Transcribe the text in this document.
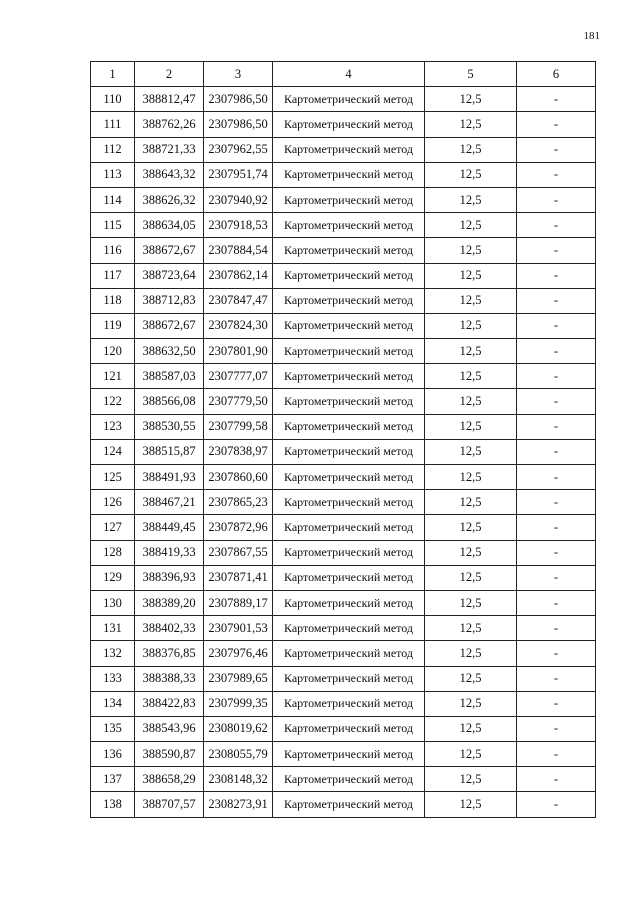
181
1	2	3	4	5	6
110	388812,47	2307986,50	Картометрический метод	12,5	-
111	388762,26	2307986,50	Картометрический метод	12,5	-
112	388721,33	2307962,55	Картометрический метод	12,5	-
113	388643,32	2307951,74	Картометрический метод	12,5	-
114	388626,32	2307940,92	Картометрический метод	12,5	-
115	388634,05	2307918,53	Картометрический метод	12,5	-
116	388672,67	2307884,54	Картометрический метод	12,5	-
117	388723,64	2307862,14	Картометрический метод	12,5	-
118	388712,83	2307847,47	Картометрический метод	12,5	-
119	388672,67	2307824,30	Картометрический метод	12,5	-
120	388632,50	2307801,90	Картометрический метод	12,5	-
121	388587,03	2307777,07	Картометрический метод	12,5	-
122	388566,08	2307779,50	Картометрический метод	12,5	-
123	388530,55	2307799,58	Картометрический метод	12,5	-
124	388515,87	2307838,97	Картометрический метод	12,5	-
125	388491,93	2307860,60	Картометрический метод	12,5	-
126	388467,21	2307865,23	Картометрический метод	12,5	-
127	388449,45	2307872,96	Картометрический метод	12,5	-
128	388419,33	2307867,55	Картометрический метод	12,5	-
129	388396,93	2307871,41	Картометрический метод	12,5	-
130	388389,20	2307889,17	Картометрический метод	12,5	-
131	388402,33	2307901,53	Картометрический метод	12,5	-
132	388376,85	2307976,46	Картометрический метод	12,5	-
133	388388,33	2307989,65	Картометрический метод	12,5	-
134	388422,83	2307999,35	Картометрический метод	12,5	-
135	388543,96	2308019,62	Картометрический метод	12,5	-
136	388590,87	2308055,79	Картометрический метод	12,5	-
137	388658,29	2308148,32	Картометрический метод	12,5	-
138	388707,57	2308273,91	Картометрический метод	12,5	-
